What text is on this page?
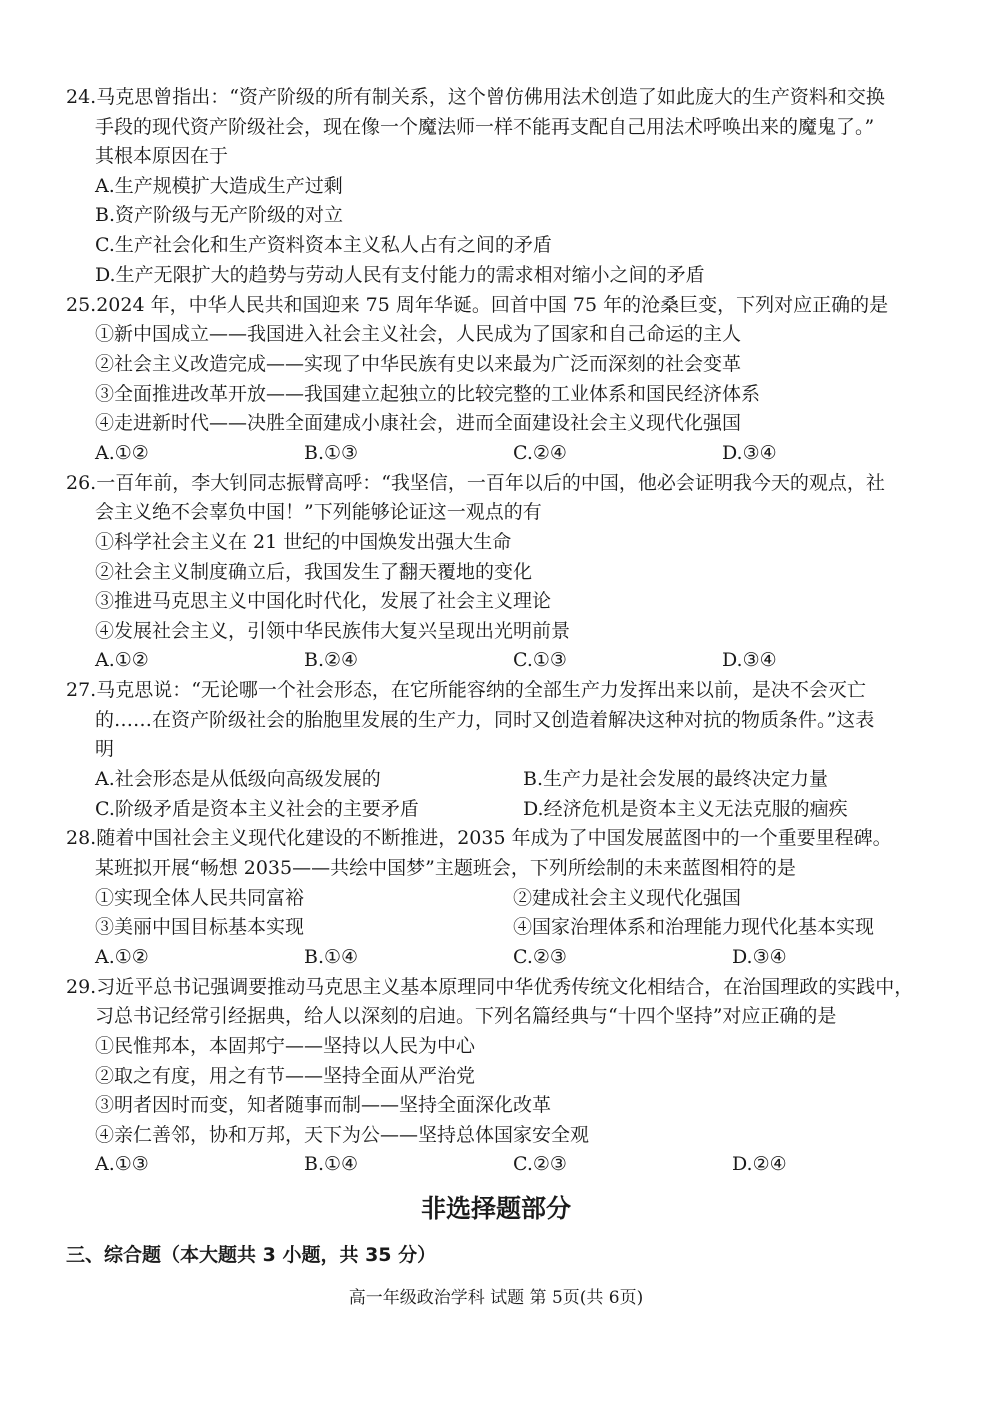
24.马克思曾指出：“资产阶级的所有制关系，这个曾仿佛用法术创造了如此庞大的生产资料和交换
手段的现代资产阶级社会，现在像一个魔法师一样不能再支配自己用法术呼唤出来的魔鬼了。”
其根本原因在于
A.生产规模扩大造成生产过剩
B.资产阶级与无产阶级的对立
C.生产社会化和生产资料资本主义私人占有之间的矛盾
D.生产无限扩大的趋势与劳动人民有支付能力的需求相对缩小之间的矛盾
25.2024 年，中华人民共和国迎来 75 周年华诞。回首中国 75 年的沧桑巨变，下列对应正确的是
①新中国成立——我国进入社会主义社会，人民成为了国家和自己命运的主人
②社会主义改造完成——实现了中华民族有史以来最为广泛而深刻的社会变革
③全面推进改革开放——我国建立起独立的比较完整的工业体系和国民经济体系
④走进新时代——决胜全面建成小康社会，进而全面建设社会主义现代化强国
A.①②	B.①③	C.②④	D.③④
26.一百年前，李大钊同志振臂高呼：“我坚信，一百年以后的中国，他必会证明我今天的观点，社
会主义绝不会辜负中国！”下列能够论证这一观点的有
①科学社会主义在 21 世纪的中国焕发出强大生命
②社会主义制度确立后，我国发生了翻天覆地的变化
③推进马克思主义中国化时代化，发展了社会主义理论
④发展社会主义，引领中华民族伟大复兴呈现出光明前景
A.①②	B.②④	C.①③	D.③④
27.马克思说：“无论哪一个社会形态，在它所能容纳的全部生产力发挥出来以前，是决不会灭亡
的……在资产阶级社会的胎胞里发展的生产力，同时又创造着解决这种对抗的物质条件。”这表
明
A.社会形态是从低级向高级发展的	B.生产力是社会发展的最终决定力量
C.阶级矛盾是资本主义社会的主要矛盾	D.经济危机是资本主义无法克服的痼疾
28.随着中国社会主义现代化建设的不断推进，2035 年成为了中国发展蓝图中的一个重要里程碑。
某班拟开展“畅想 2035——共绘中国梦”主题班会，下列所绘制的未来蓝图相符的是
①实现全体人民共同富裕	②建成社会主义现代化强国
③美丽中国目标基本实现	④国家治理体系和治理能力现代化基本实现
A.①②	B.①④	C.②③	D.③④
29.习近平总书记强调要推动马克思主义基本原理同中华优秀传统文化相结合，在治国理政的实践中，
习总书记经常引经据典，给人以深刻的启迪。下列名篇经典与“十四个坚持”对应正确的是
①民惟邦本，本固邦宁——坚持以人民为中心
②取之有度，用之有节——坚持全面从严治党
③明者因时而变，知者随事而制——坚持全面深化改革
④亲仁善邻，协和万邦，天下为公——坚持总体国家安全观
A.①③	B.①④	C.②③	D.②④
非选择题部分
三、综合题（本大题共 3 小题，共 35 分）
高一年级政治学科 试题 第 5页(共 6页)
